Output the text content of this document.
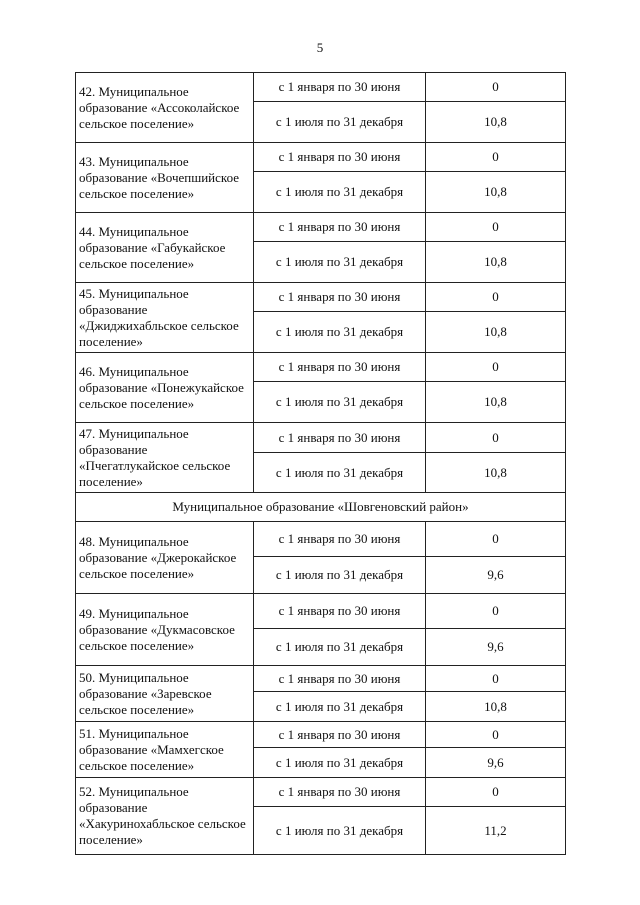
5
42. Муниципальное образование «Ассоколайское сельское поселение»	с 1 января по 30 июня	0
	с 1 июля по 31 декабря	10,8
43. Муниципальное образование «Вочепшийское сельское поселение»	с 1 января по 30 июня	0
	с 1 июля по 31 декабря	10,8
44. Муниципальное образование «Габукайское сельское поселение»	с 1 января по 30 июня	0
	с 1 июля по 31 декабря	10,8
45. Муниципальное образование «Джиджихабльское сельское поселение»	с 1 января по 30 июня	0
	с 1 июля по 31 декабря	10,8
46. Муниципальное образование «Понежукайское сельское поселение»	с 1 января по 30 июня	0
	с 1 июля по 31 декабря	10,8
47. Муниципальное образование «Пчегатлукайское сельское поселение»	с 1 января по 30 июня	0
	с 1 июля по 31 декабря	10,8
Муниципальное образование «Шовгеновский район»		
48. Муниципальное образование «Джерокайское сельское поселение»	с 1 января по 30 июня	0
	с 1 июля по 31 декабря	9,6
49. Муниципальное образование «Дукмасовское сельское поселение»	с 1 января по 30 июня	0
	с 1 июля по 31 декабря	9,6
50. Муниципальное образование «Заревское сельское поселение»	с 1 января по 30 июня	0
	с 1 июля по 31 декабря	10,8
51. Муниципальное образование «Мамхегское сельское поселение»	с 1 января по 30 июня	0
	с 1 июля по 31 декабря	9,6
52. Муниципальное образование «Хакуринохабльское сельское поселение»	с 1 января по 30 июня	0
	с 1 июля по 31 декабря	11,2
